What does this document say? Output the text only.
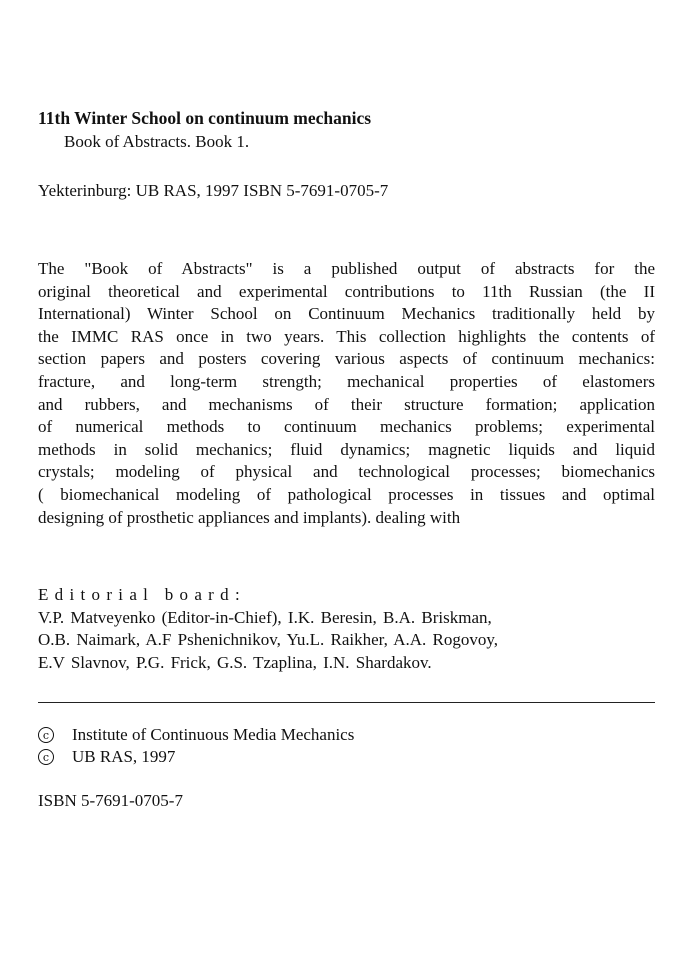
11th Winter School on continuum mechanics
Book of Abstracts. Book 1.
Yekterinburg: UB RAS, 1997 ISBN 5-7691-0705-7
The "Book of Abstracts" is a published output of abstracts for the
original theoretical and experimental contributions to 11th Russian (the II
International) Winter School on Continuum Mechanics traditionally held by
the IMMC RAS once in two years. This collection highlights the contents of
section papers and posters covering various aspects of continuum mechanics:
fracture, and long-term strength; mechanical properties of elastomers
and rubbers, and mechanisms of their structure formation; application
of numerical methods to continuum mechanics problems; experimental
methods in solid mechanics; fluid dynamics; magnetic liquids and liquid
crystals; modeling of physical and technological processes; biomechanics
( biomechanical modeling of pathological processes in tissues and optimal
designing of prosthetic appliances and implants). dealing with
Editorial board:
V.P. Matveyenko (Editor-in-Chief), I.K. Beresin, B.A. Briskman,
O.B. Naimark, A.F Pshenichnikov, Yu.L. Raikher, A.A. Rogovoy,
E.V Slavnov, P.G. Frick, G.S. Tzaplina, I.N. Shardakov.
c Institute of Continuous Media Mechanics
c UB RAS, 1997
ISBN 5-7691-0705-7
